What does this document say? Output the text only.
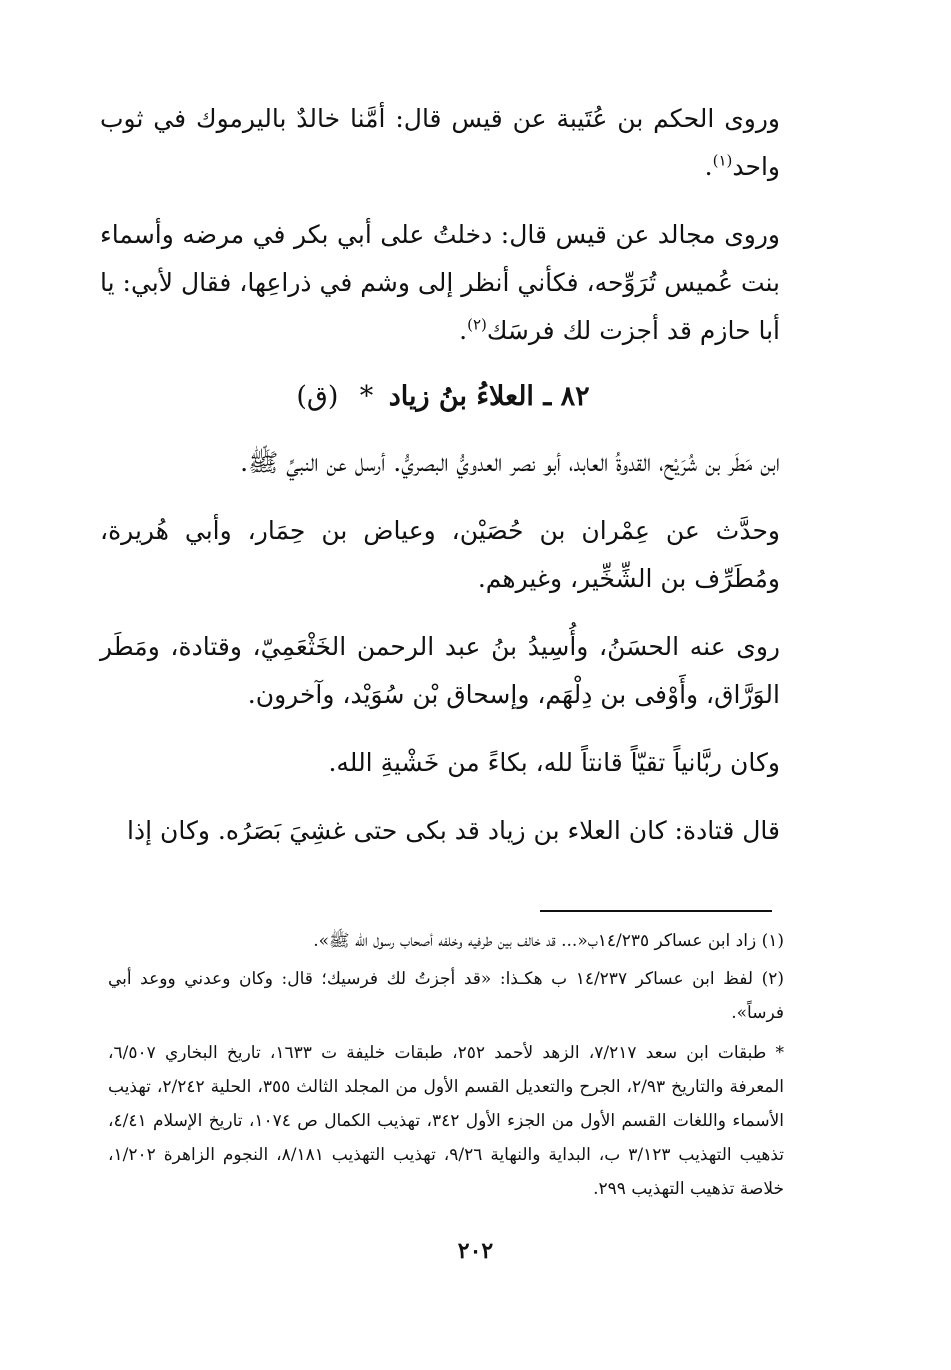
وروى الحكم بن عُتَيبة عن قيس قال: أمَّنا خالدٌ باليرموك في ثوب واحد$^{(١)}$.

وروى مجالد عن قيس قال: دخلتُ على أبي بكر في مرضه وأسماء بنت عُميس تُرَوِّحه، فكأني أنظر إلى وشم في ذراعِها، فقال لأبي: يا أبا حازم قد أجزت لك فرسَك$^{(٢)}$.

٨٢ ـ العلاءُ بنُ زياد * (ق)

ابن مَطَر بن شُرَيْح، القدوةُ العابد، أبو نصر العدويُّ البصريُّ. أرسل عن النبيِّ ﷺ.

وحدَّث عن عِمْران بن حُصَيْن، وعياض بن حِمَار، وأبي هُريرة، ومُطَرِّف بن الشِّخِّير، وغيرهم.

روى عنه الحسَنُ، وأُسِيدُ بنُ عبد الرحمن الخَثْعَمِيّ، وقتادة، ومَطَر الوَرَّاق، وأَوْفى بن دِلْهَم، وإسحاق بْن سُوَيْد، وآخرون.

وكان ربَّانياً تقيّاً قانتاً لله، بكاءً من خَشْيةِ الله.

قال قتادة: كان العلاء بن زياد قد بكى حتى غشِيَ بَصَرُه. وكان إذا

(١) زاد ابن عساكر ١٤/٢٣٥ب«... قد خالف بين طرفيه وخلفه أصحاب رسول الله ﷺ».

(٢) لفظ ابن عساكر ١٤/٢٣٧ ب هكـذا: «قد أجزتُ لك فرسيك؛ قال: وكان وعدني ووعد أبي فرساً».

* طبقات ابن سعد ٧/٢١٧، الزهد لأحمد ٢٥٢، طبقات خليفة ت ١٦٣٣، تاريخ البخاري ٦/٥٠٧، المعرفة والتاريخ ٢/٩٣، الجرح والتعديل القسم الأول من المجلد الثالث ٣٥٥، الحلية ٢/٢٤٢، تهذيب الأسماء واللغات القسم الأول من الجزء الأول ٣٤٢، تهذيب الكمال ص ١٠٧٤، تاريخ الإسلام ٤/٤١، تذهيب التهذيب ٣/١٢٣ ب، البداية والنهاية ٩/٢٦، تهذيب التهذيب ٨/١٨١، النجوم الزاهرة ١/٢٠٢، خلاصة تذهيب التهذيب ٢٩٩.

٢٠٢
